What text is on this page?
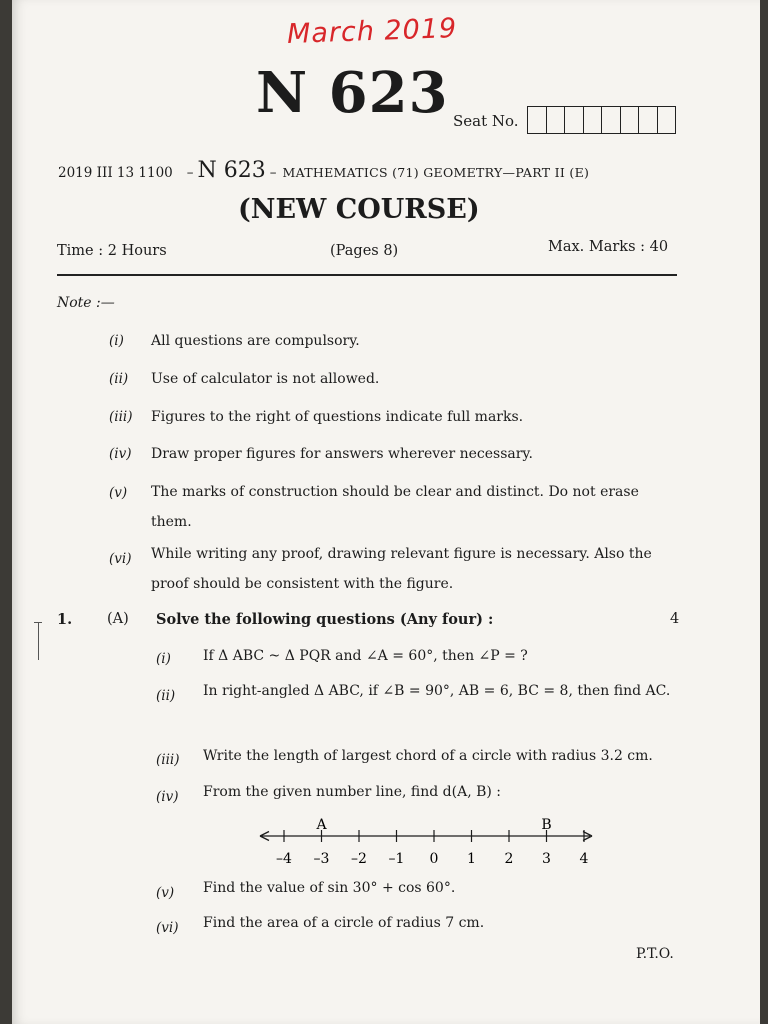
March 2019
N 623 Seat No.
2019 III 13 1100 – N 623 – MATHEMATICS (71) GEOMETRY—PART II (E)
(NEW COURSE)
Time : 2 Hours	(Pages 8)	Max. Marks : 40
Note :—
(i) All questions are compulsory.
(ii) Use of calculator is not allowed.
(iii) Figures to the right of questions indicate full marks.
(iv) Draw proper figures for answers wherever necessary.
(v) The marks of construction should be clear and distinct. Do not erase them.
(vi) While writing any proof, drawing relevant figure is necessary. Also the proof should be consistent with the figure.
1. (A) Solve the following questions (Any four) :	4
(i) If Δ ABC ~ Δ PQR and ∠A = 60°, then ∠P = ?
(ii) In right-angled Δ ABC, if ∠B = 90°, AB = 6, BC = 8, then find AC.
(iii) Write the length of largest chord of a circle with radius 3.2 cm.
(iv) From the given number line, find d(A, B) :
–4 –3 –2 –1 0 1 2 3 4
A	B
(v) Find the value of sin 30° + cos 60°.
(vi) Find the area of a circle of radius 7 cm.
P.T.O.
